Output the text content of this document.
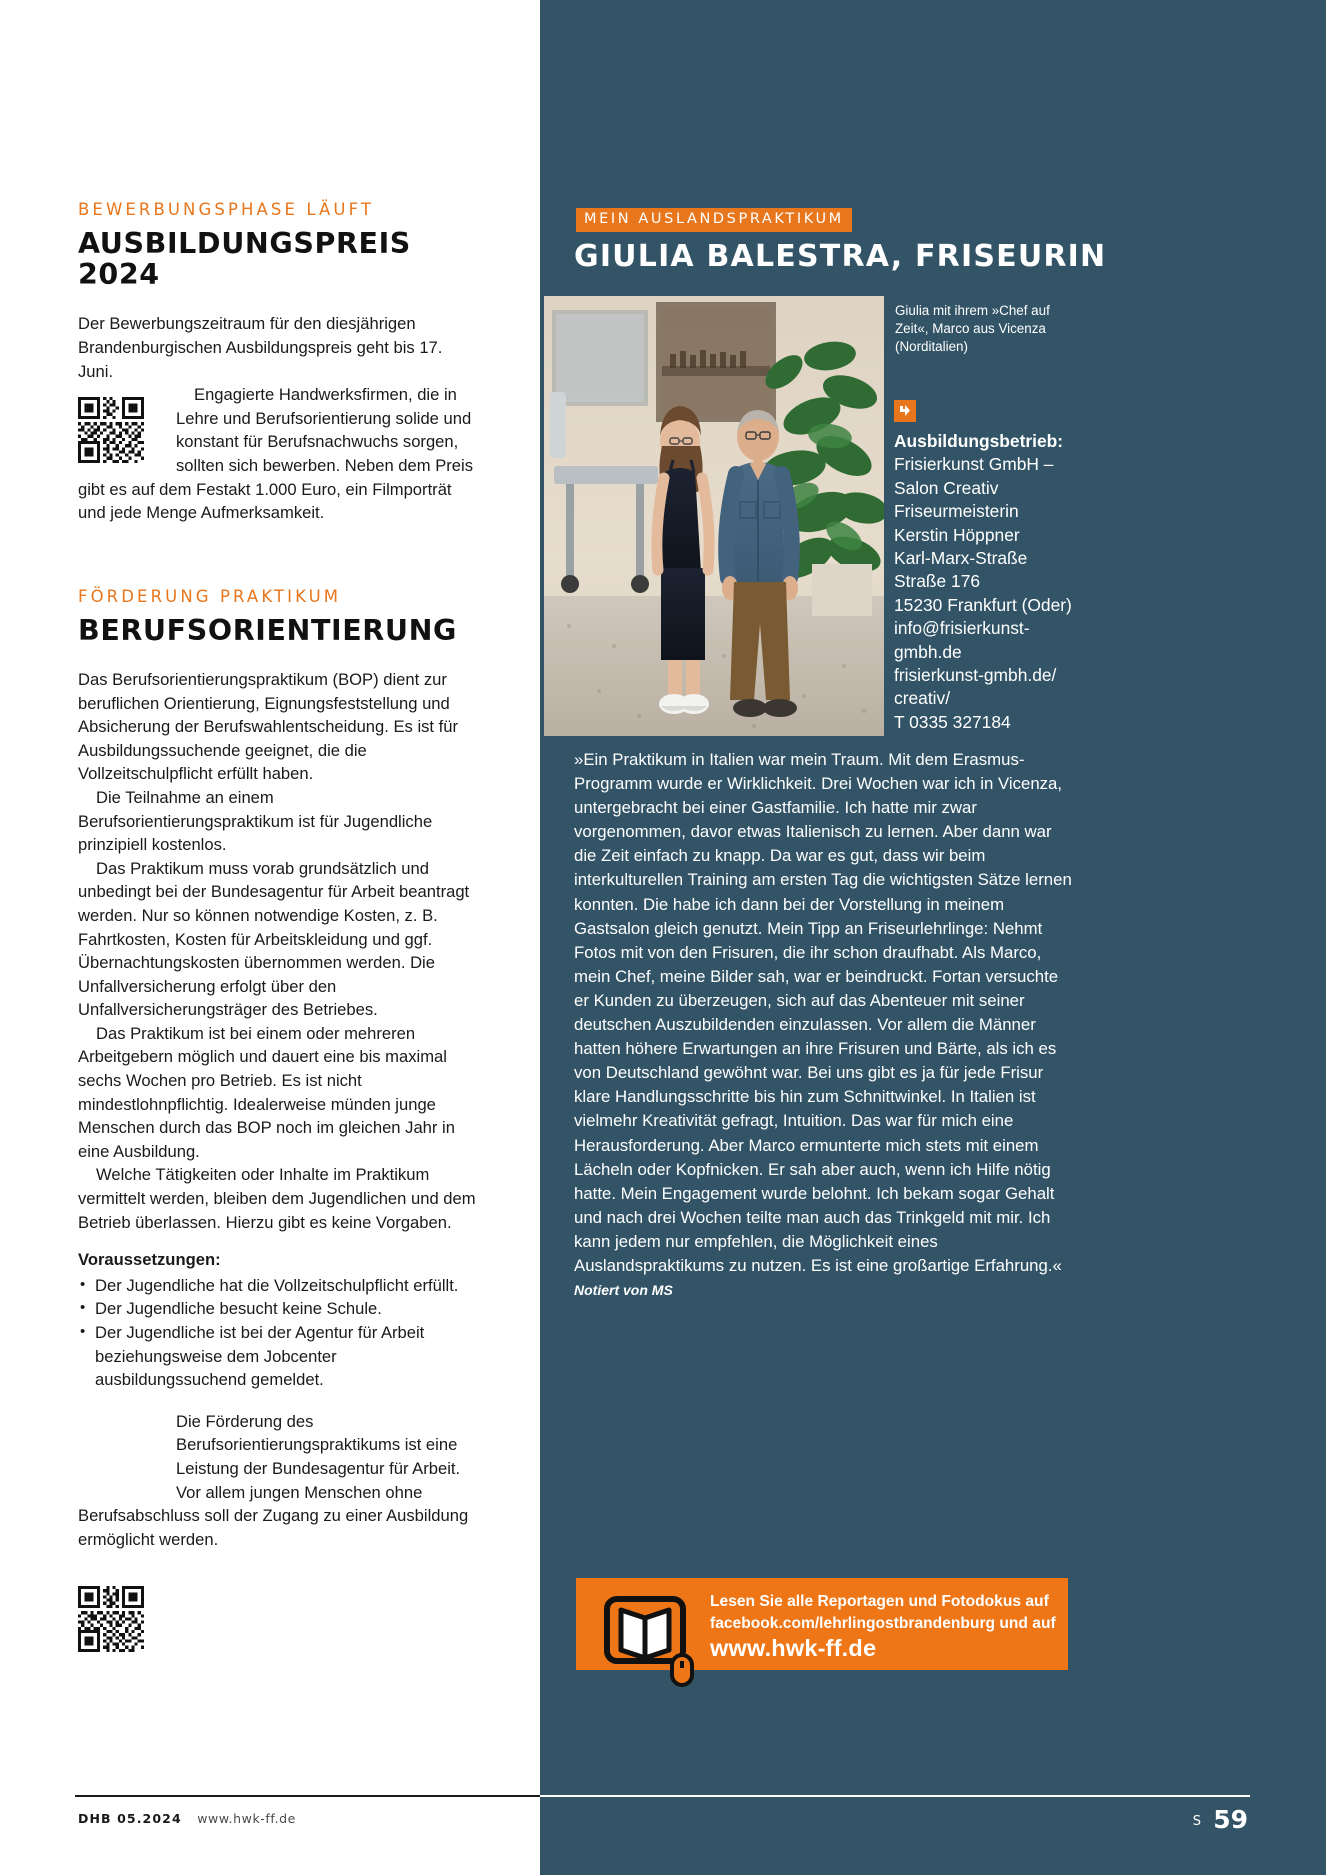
BEWERBUNGSPHASE LÄUFT
AUSBILDUNGSPREIS 2024

Der Bewerbungszeitraum für den diesjährigen Brandenburgischen Ausbildungspreis geht bis 17. Juni.

Engagierte Handwerksfirmen, die in Lehre und Berufsorientierung solide und konstant für Berufsnachwuchs sorgen, sollten sich bewerben. Neben dem Preis gibt es auf dem Festakt 1.000 Euro, ein Filmporträt und jede Menge Aufmerksamkeit.

FÖRDERUNG PRAKTIKUM
BERUFSORIENTIERUNG

Das Berufsorientierungspraktikum (BOP) dient zur beruflichen Orientierung, Eignungsfeststellung und Absicherung der Berufswahlentscheidung. Es ist für Ausbildungssuchende geeignet, die die Vollzeitschulpflicht erfüllt haben.

Die Teilnahme an einem Berufsorientierungspraktikum ist für Jugendliche prinzipiell kostenlos.

Das Praktikum muss vorab grundsätzlich und unbedingt bei der Bundesagentur für Arbeit beantragt werden. Nur so können notwendige Kosten, z. B. Fahrtkosten, Kosten für Arbeitskleidung und ggf. Übernachtungskosten übernommen werden. Die Unfallversicherung erfolgt über den Unfallversicherungsträger des Betriebes.

Das Praktikum ist bei einem oder mehreren Arbeitgebern möglich und dauert eine bis maximal sechs Wochen pro Betrieb. Es ist nicht mindestlohnpflichtig. Idealerweise münden junge Menschen durch das BOP noch im gleichen Jahr in eine Ausbildung.

Welche Tätigkeiten oder Inhalte im Praktikum vermittelt werden, bleiben dem Jugendlichen und dem Betrieb überlassen. Hierzu gibt es keine Vorgaben.

Voraussetzungen:
• Der Jugendliche hat die Vollzeitschulpflicht erfüllt.
• Der Jugendliche besucht keine Schule.
• Der Jugendliche ist bei der Agentur für Arbeit beziehungsweise dem Jobcenter ausbildungssuchend gemeldet.

Die Förderung des Berufsorientierungspraktikums ist eine Leistung der Bundesagentur für Arbeit. Vor allem jungen Menschen ohne Berufsabschluss soll der Zugang zu einer Ausbildung ermöglicht werden.

MEIN AUSLANDSPRAKTIKUM
GIULIA BALESTRA, FRISEURIN
Foto: © privat
Giulia mit ihrem »Chef auf Zeit«, Marco aus Vicenza (Norditalien)
Ausbildungsbetrieb:
Frisierkunst GmbH –
Salon Creativ
Friseurmeisterin
Kerstin Höppner
Karl-Marx-Straße
Straße 176
15230 Frankfurt (Oder)
info@frisierkunst-
gmbh.de
frisierkunst-gmbh.de/
creativ/
T 0335 327184
»Ein Praktikum in Italien war mein Traum. Mit dem Erasmus-Programm wurde er Wirklichkeit. Drei Wochen war ich in Vicenza, untergebracht bei einer Gastfamilie. Ich hatte mir zwar vorgenommen, davor etwas Italienisch zu lernen. Aber dann war die Zeit einfach zu knapp. Da war es gut, dass wir beim interkulturellen Training am ersten Tag die wichtigsten Sätze lernen konnten. Die habe ich dann bei der Vorstellung in meinem Gastsalon gleich genutzt. Mein Tipp an Friseurlehrlinge: Nehmt Fotos mit von den Frisuren, die ihr schon draufhabt. Als Marco, mein Chef, meine Bilder sah, war er beindruckt. Fortan versuchte er Kunden zu überzeugen, sich auf das Abenteuer mit seiner deutschen Auszubildenden einzulassen. Vor allem die Männer hatten höhere Erwartungen an ihre Frisuren und Bärte, als ich es von Deutschland gewöhnt war. Bei uns gibt es ja für jede Frisur klare Handlungsschritte bis hin zum Schnittwinkel. In Italien ist vielmehr Kreativität gefragt, Intuition. Das war für mich eine Herausforderung. Aber Marco ermunterte mich stets mit einem Lächeln oder Kopfnicken. Er sah aber auch, wenn ich Hilfe nötig hatte. Mein Engagement wurde belohnt. Ich bekam sogar Gehalt und nach drei Wochen teilte man auch das Trinkgeld mit mir. Ich kann jedem nur empfehlen, die Möglichkeit eines Auslandspraktikums zu nutzen. Es ist eine großartige Erfahrung.« Notiert von MS
Lesen Sie alle Reportagen und Fotodokus auf
facebook.com/lehrlingostbrandenburg und auf
www.hwk-ff.de
DHB 05.2024 www.hwk-ff.de	S 59
